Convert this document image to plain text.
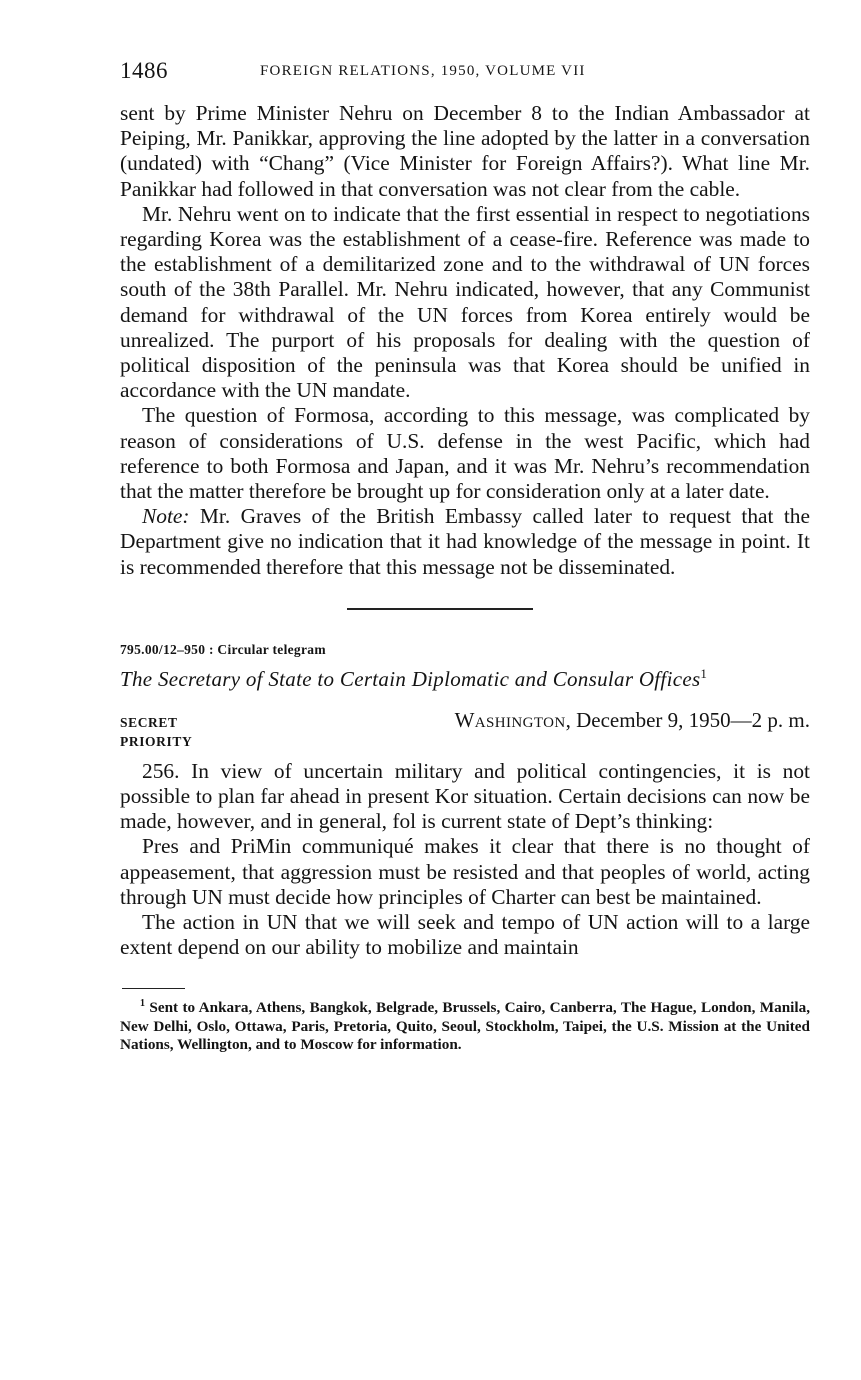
1486	FOREIGN RELATIONS, 1950, VOLUME VII

sent by Prime Minister Nehru on December 8 to the Indian Ambassador at Peiping, Mr. Panikkar, approving the line adopted by the latter in a conversation (undated) with “Chang” (Vice Minister for Foreign Affairs?). What line Mr. Panikkar had followed in that conversation was not clear from the cable.

Mr. Nehru went on to indicate that the first essential in respect to negotiations regarding Korea was the establishment of a cease-fire. Reference was made to the establishment of a demilitarized zone and to the withdrawal of UN forces south of the 38th Parallel. Mr. Nehru indicated, however, that any Communist demand for withdrawal of the UN forces from Korea entirely would be unrealized. The purport of his proposals for dealing with the question of political disposition of the peninsula was that Korea should be unified in accordance with the UN mandate.

The question of Formosa, according to this message, was complicated by reason of considerations of U.S. defense in the west Pacific, which had reference to both Formosa and Japan, and it was Mr. Nehru’s recommendation that the matter therefore be brought up for consideration only at a later date.

Note: Mr. Graves of the British Embassy called later to request that the Department give no indication that it had knowledge of the message in point. It is recommended therefore that this message not be disseminated.

795.00/12–950 : Circular telegram
The Secretary of State to Certain Diplomatic and Consular Offices$^1$
SECRET	Washington, December 9, 1950—2 p. m.
PRIORITY

256. In view of uncertain military and political contingencies, it is not possible to plan far ahead in present Kor situation. Certain decisions can now be made, however, and in general, fol is current state of Dept’s thinking:

Pres and PriMin communiqué makes it clear that there is no thought of appeasement, that aggression must be resisted and that peoples of world, acting through UN must decide how principles of Charter can best be maintained.

The action in UN that we will seek and tempo of UN action will to a large extent depend on our ability to mobilize and maintain

$^1$ Sent to Ankara, Athens, Bangkok, Belgrade, Brussels, Cairo, Canberra, The Hague, London, Manila, New Delhi, Oslo, Ottawa, Paris, Pretoria, Quito, Seoul, Stockholm, Taipei, the U.S. Mission at the United Nations, Wellington, and to Moscow for information.
